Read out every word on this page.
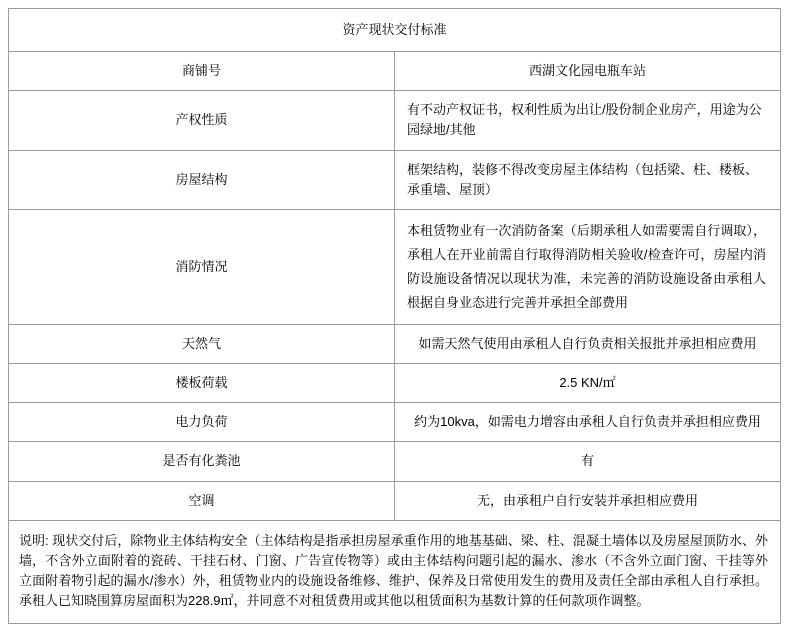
资产现状交付标准	
商铺号	西湖文化园电瓶车站
产权性质	有不动产权证书，权利性质为出让/股份制企业房产，用途为公园绿地/其他
房屋结构	框架结构，装修不得改变房屋主体结构（包括梁、柱、楼板、承重墙、屋顶）
消防情况	本租赁物业有一次消防备案（后期承租人如需要需自行调取），承租人在开业前需自行取得消防相关验收/检查许可，房屋内消防设施设备情况以现状为准，未完善的消防设施设备由承租人根据自身业态进行完善并承担全部费用
天然气	如需天然气使用由承租人自行负责相关报批并承担相应费用
楼板荷载	2.5 KN/㎡
电力负荷	约为10kva，如需电力增容由承租人自行负责并承担相应费用
是否有化粪池	有
空调	无，由承租户自行安装并承担相应费用
说明: 现状交付后，除物业主体结构安全（主体结构是指承担房屋承重作用的地基基础、梁、柱、混凝土墙体以及房屋屋顶防水、外墙，不含外立面附着的瓷砖、干挂石材、门窗、广告宣传物等）或由主体结构问题引起的漏水、渗水（不含外立面门窗、干挂等外立面附着物引起的漏水/渗水）外，租赁物业内的设施设备维修、维护、保养及日常使用发生的费用及责任全部由承租人自行承担。承租人已知晓围算房屋面积为228.9㎡，并同意不对租赁费用或其他以租赁面积为基数计算的任何款项作调整。	
